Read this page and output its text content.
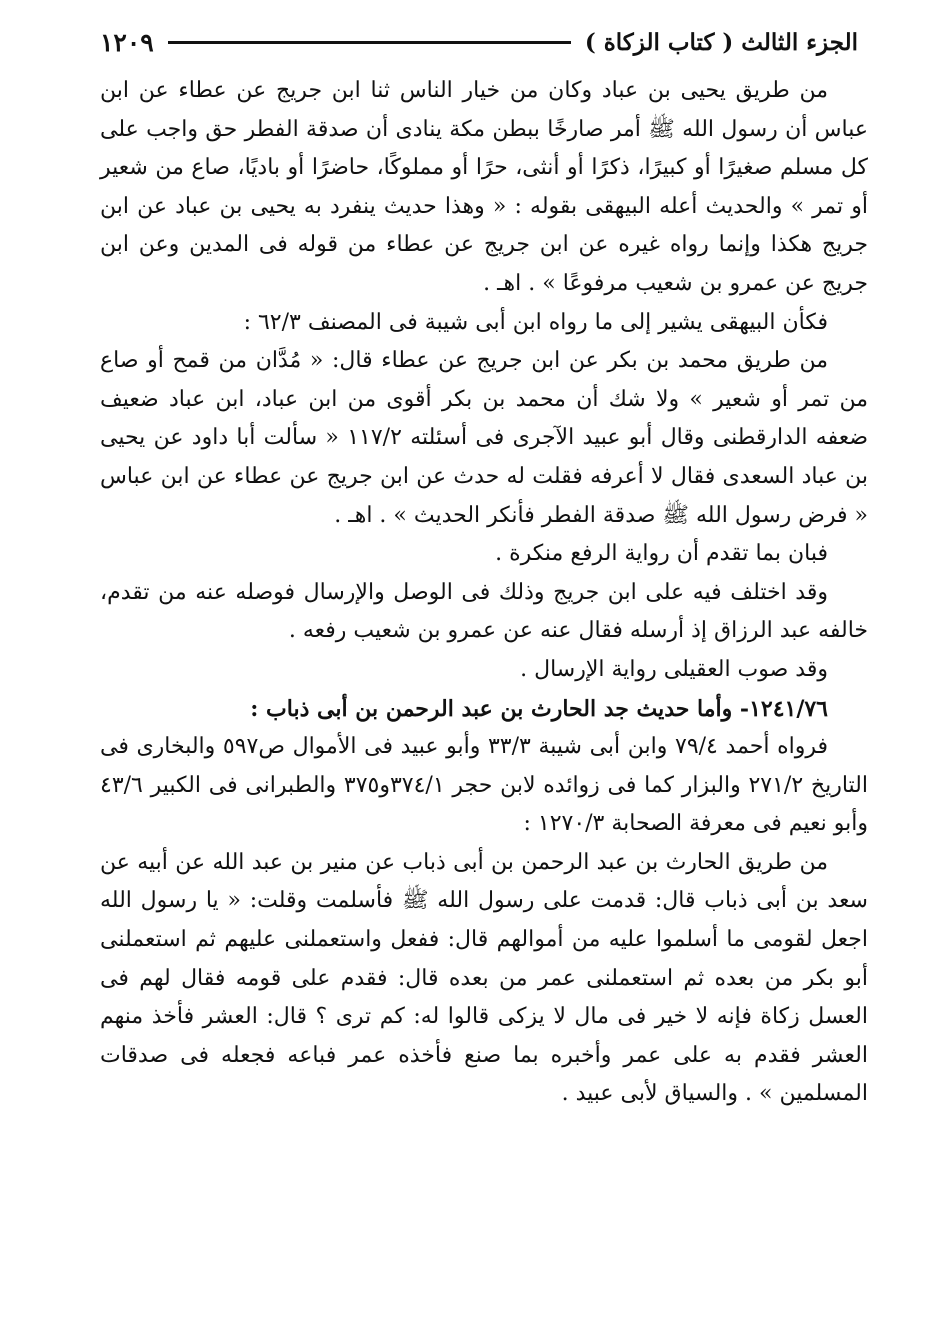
الجزء الثالث ( كتاب الزكاة )
١٢٠٩

من طريق يحيى بن عباد وكان من خيار الناس ثنا ابن جريج عن عطاء عن ابن عباس أن رسول الله ﷺ أمر صارخًا ببطن مكة ينادى أن صدقة الفطر حق واجب على كل مسلم صغيرًا أو كبيرًا، ذكرًا أو أنثى، حرًا أو مملوكًا، حاضرًا أو باديًا، صاع من شعير أو تمر » والحديث أعله البيهقى بقوله : « وهذا حديث ينفرد به يحيى بن عباد عن ابن جريج هكذا وإنما رواه غيره عن ابن جريج عن عطاء من قوله فى المدين وعن ابن جريج عن عمرو بن شعيب مرفوعًا » . اهـ .

فكأن البيهقى يشير إلى ما رواه ابن أبى شيبة فى المصنف ٦٢/٣ :

من طريق محمد بن بكر عن ابن جريج عن عطاء قال: « مُدَّان من قمح أو صاع من تمر أو شعير » ولا شك أن محمد بن بكر أقوى من ابن عباد، ابن عباد ضعيف ضعفه الدارقطنى وقال أبو عبيد الآجرى فى أسئلته ١١٧/٢ « سألت أبا داود عن يحيى بن عباد السعدى فقال لا أعرفه فقلت له حدث عن ابن جريج عن عطاء عن ابن عباس « فرض رسول الله ﷺ صدقة الفطر فأنكر الحديث » . اهـ .

فبان بما تقدم أن رواية الرفع منكرة .

وقد اختلف فيه على ابن جريج وذلك فى الوصل والإرسال فوصله عنه من تقدم، خالفه عبد الرزاق إذ أرسله فقال عنه عن عمرو بن شعيب رفعه .

وقد صوب العقيلى رواية الإرسال .

١٢٤١/٧٦- وأما حديث جد الحارث بن عبد الرحمن بن أبى ذباب :

فرواه أحمد ٧٩/٤ وابن أبى شيبة ٣٣/٣ وأبو عبيد فى الأموال ص٥٩٧ والبخارى فى التاريخ ٢٧١/٢ والبزار كما فى زوائده لابن حجر ٣٧٤/١و٣٧٥ والطبرانى فى الكبير ٤٣/٦ وأبو نعيم فى معرفة الصحابة ١٢٧٠/٣ :

من طريق الحارث بن عبد الرحمن بن أبى ذباب عن منير بن عبد الله عن أبيه عن سعد بن أبى ذباب قال: قدمت على رسول الله ﷺ فأسلمت وقلت: « يا رسول الله اجعل لقومى ما أسلموا عليه من أموالهم قال: ففعل واستعملنى عليهم ثم استعملنى أبو بكر من بعده ثم استعملنى عمر من بعده قال: فقدم على قومه فقال لهم فى العسل زكاة فإنه لا خير فى مال لا يزكى قالوا له: كم ترى ؟ قال: العشر فأخذ منهم العشر فقدم به على عمر وأخبره بما صنع فأخذه عمر فباعه فجعله فى صدقات المسلمين » . والسياق لأبى عبيد .
